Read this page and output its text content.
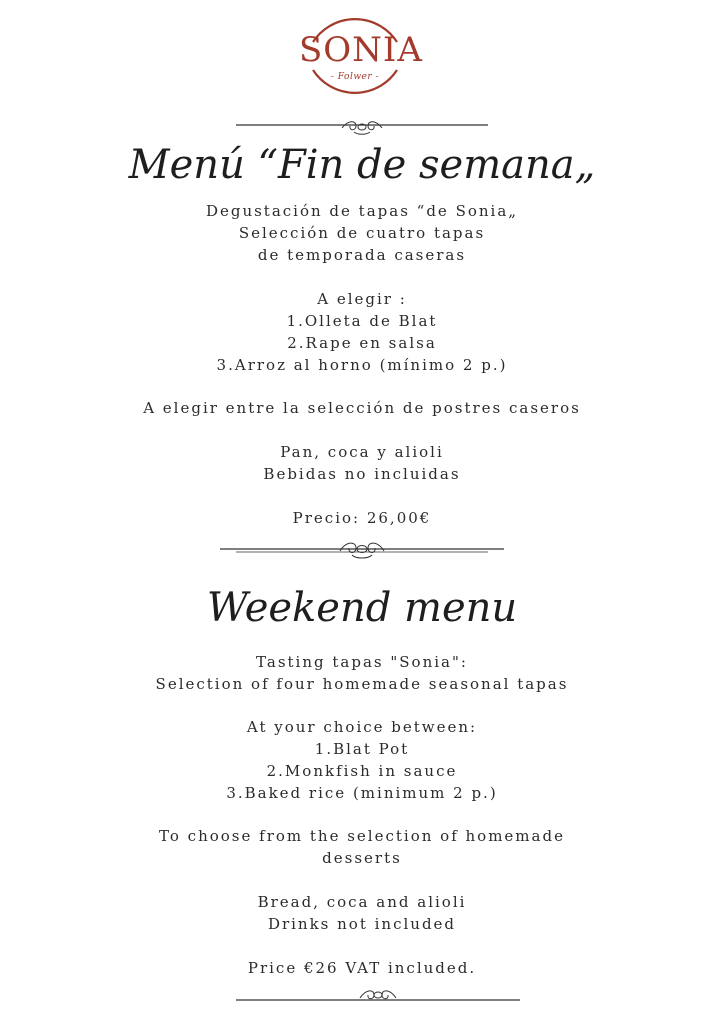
SONIA
- Folwer -
Menú “Fin de semana„
Degustación de tapas “de Sonia„
Selección de cuatro tapas
de temporada caseras
A elegir :
1.Olleta de Blat
2.Rape en salsa
3.Arroz al horno (mínimo 2 p.)
A elegir entre la selección de postres caseros
Pan, coca y alioli
Bebidas no incluidas
Precio: 26,00€
Weekend menu
Tasting tapas "Sonia":
Selection of four homemade seasonal tapas
At your choice between:
1.Blat Pot
2.Monkfish in sauce
3.Baked rice (minimum 2 p.)
To choose from the selection of homemade
desserts
Bread, coca and alioli
Drinks not included
Price €26 VAT included.
